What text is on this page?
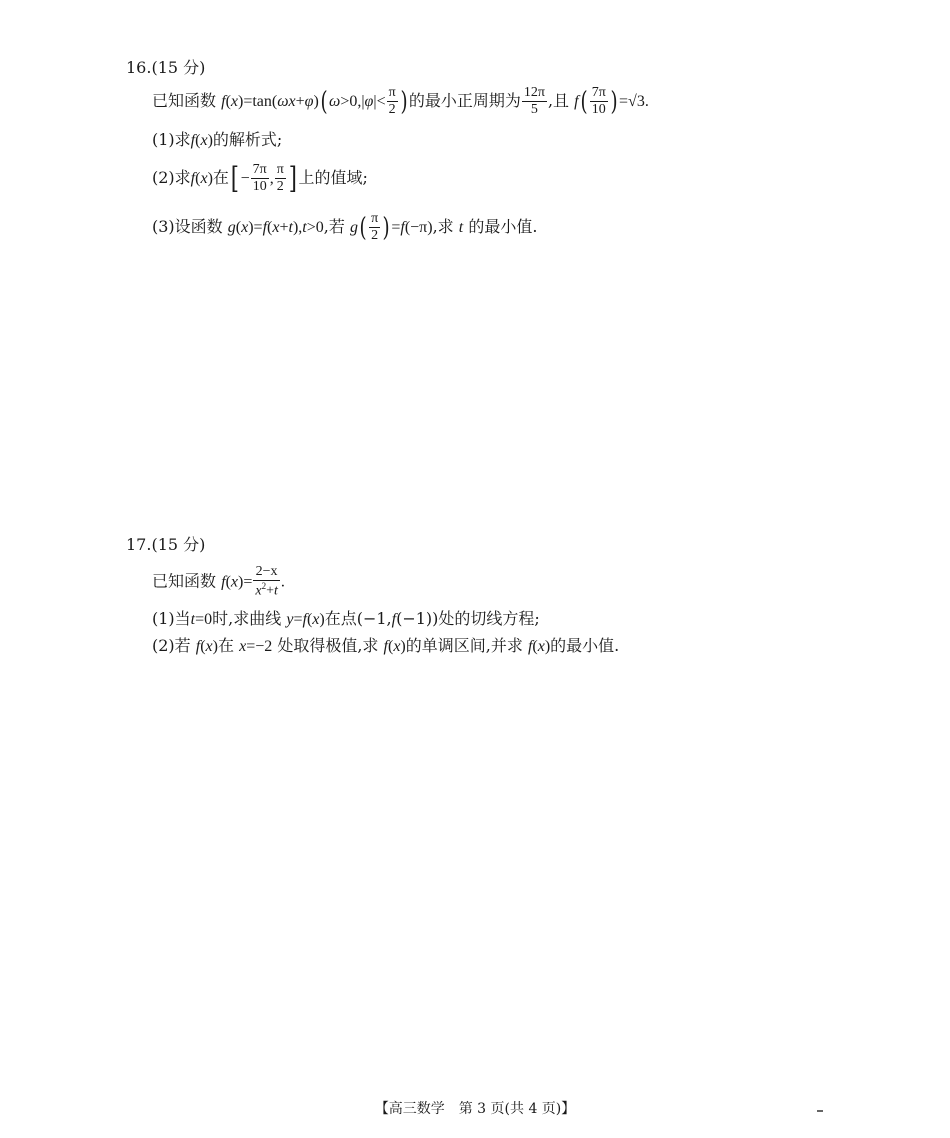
16.(15 分)
已知函数 $f(x)=\tan(\omega x+\varphi)(\omega>0,|\varphi|< \frac{\pi}{2}$ )的最小正周期为 $\frac{12\pi}{5}$ ,且 $f( \frac{7\pi}{10} )=√3$.
(1)求f(x)的解析式;
(2)求f(x)在[ − $\frac{7\pi}{10}$ , $\frac{\pi}{2}$ ] 上的值域;
(3)设函数 g(x)=f(x+t),t>0,若 $g( \frac{\pi}{2} )=f(-\pi)$,求 t 的最小值.
17.(15 分)
已知函数 $f(x)= \frac{2-x}{x^2+t}$ .
(1)当t=0时,求曲线 y=f(x)在点(−1,f(−1))处的切线方程;
(2)若 f(x)在 x=−2 处取得极值,求 f(x)的单调区间,并求 f(x)的最小值.
【高三数学　第 3 页(共 4 页)】
